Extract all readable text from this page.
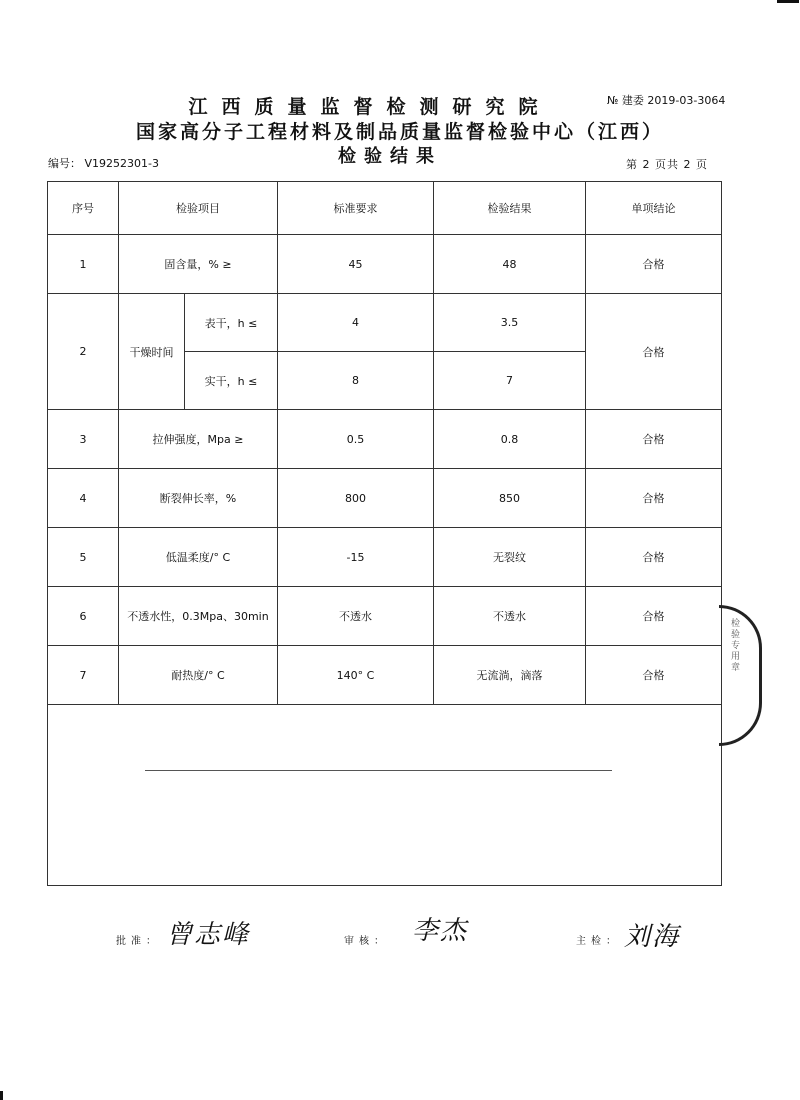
江西质量监督检测研究院	№ 建委 2019-03-3064
国家高分子工程材料及制品质量监督检验中心（江西）
检验结果
编号： V19252301-3	第 2 页共 2 页
序号	检验项目		标准要求	检验结果	单项结论
1	固含量，% ≥		45	48	合格
2	干燥时间	表干，h ≤	4	3.5	合格
		实干，h ≤	8	7	
3	拉伸强度，Mpa ≥		0.5	0.8	合格
4	断裂伸长率，%		800	850	合格
5	低温柔度/° C		-15	无裂纹	合格
6	不透水性，0.3Mpa、30min		不透水	不透水	合格
7	耐热度/° C		140° C	无流淌，滴落	合格
检验专用章
批准： 曾志峰	审核： 李杰	主检： 刘海
